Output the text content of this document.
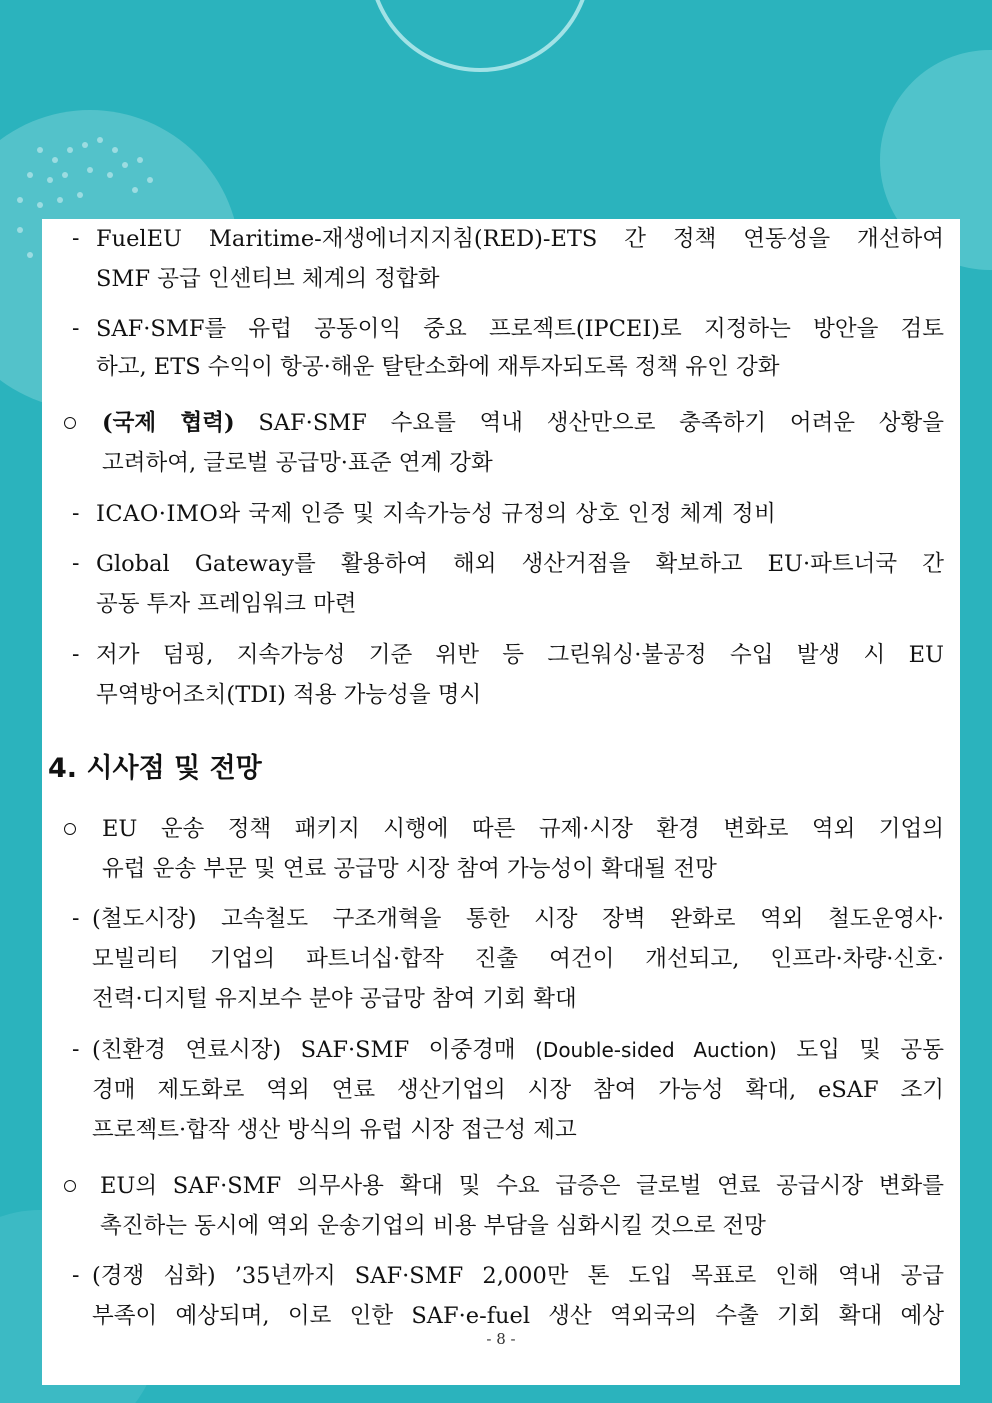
- FuelEU Maritime-재생에너지지침(RED)-ETS 간 정책 연동성을 개선하여
SMF 공급 인센티브 체계의 정합화
- SAF·SMF를 유럽 공동이익 중요 프로젝트(IPCEI)로 지정하는 방안을 검토
하고, ETS 수익이 항공·해운 탈탄소화에 재투자되도록 정책 유인 강화
(국제 협력) SAF·SMF 수요를 역내 생산만으로 충족하기 어려운 상황을
고려하여, 글로벌 공급망·표준 연계 강화
- ICAO·IMO와 국제 인증 및 지속가능성 규정의 상호 인정 체계 정비
- Global Gateway를 활용하여 해외 생산거점을 확보하고 EU·파트너국 간
공동 투자 프레임워크 마련
- 저가 덤핑, 지속가능성 기준 위반 등 그린워싱·불공정 수입 발생 시 EU
무역방어조치(TDI) 적용 가능성을 명시
4. 시사점 및 전망
EU 운송 정책 패키지 시행에 따른 규제·시장 환경 변화로 역외 기업의
유럽 운송 부문 및 연료 공급망 시장 참여 가능성이 확대될 전망
- (철도시장) 고속철도 구조개혁을 통한 시장 장벽 완화로 역외 철도운영사·
모빌리티 기업의 파트너십·합작 진출 여건이 개선되고, 인프라·차량·신호·
전력·디지털 유지보수 분야 공급망 참여 기회 확대
- (친환경 연료시장) SAF·SMF 이중경매 (Double-sided Auction) 도입 및 공동
경매 제도화로 역외 연료 생산기업의 시장 참여 가능성 확대, eSAF 조기
프로젝트·합작 생산 방식의 유럽 시장 접근성 제고
EU의 SAF·SMF 의무사용 확대 및 수요 급증은 글로벌 연료 공급시장 변화를
촉진하는 동시에 역외 운송기업의 비용 부담을 심화시킬 것으로 전망
- (경쟁 심화) ’35년까지 SAF·SMF 2,000만 톤 도입 목표로 인해 역내 공급
부족이 예상되며, 이로 인한 SAF·e-fuel 생산 역외국의 수출 기회 확대 예상
- 8 -
